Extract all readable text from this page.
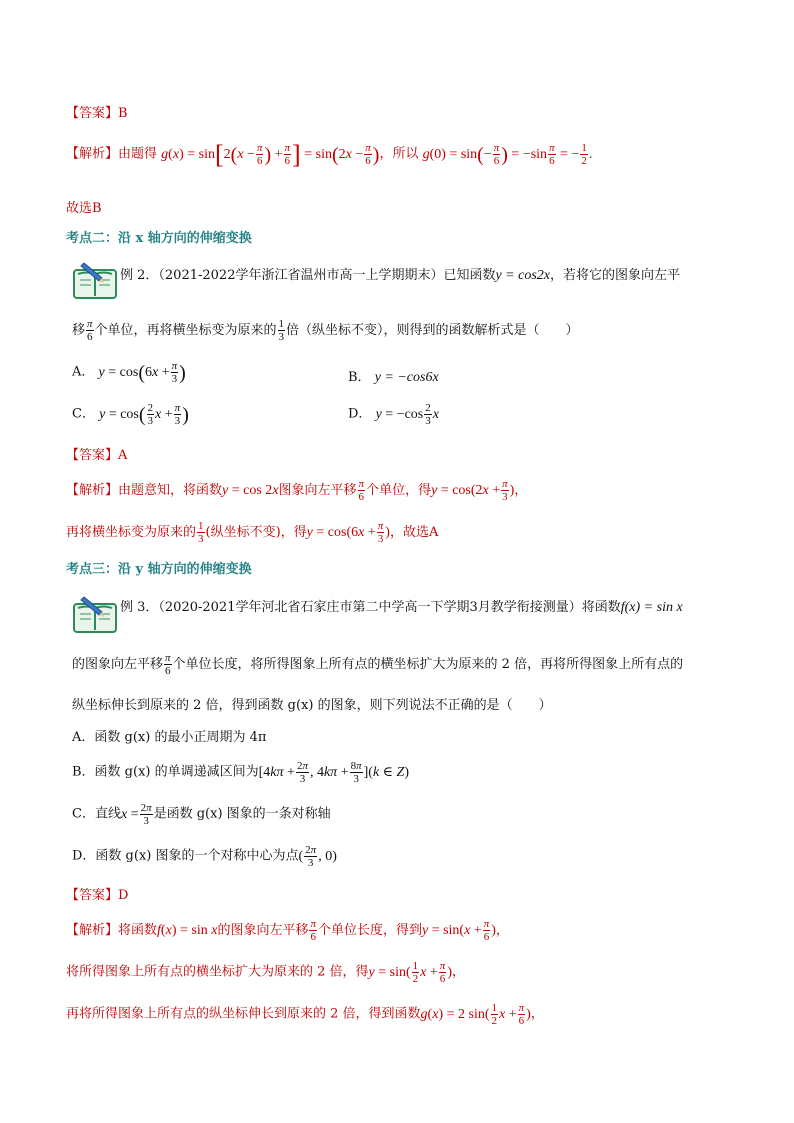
【答案】B
【解析】由题得 $g(x) = \sin[2(x - \frac{\pi}{6}$ ) + $\frac{\pi}{6}$ ] = $\sin(2x - \frac{\pi}{6}$ )，所以 $g(0) = \sin(- \frac{\pi}{6}$ ) = $-\sin \frac{\pi}{6}$ = − $\frac{1}{2}$ .
故选B
考点二：沿 x 轴方向的伸缩变换
例 2．（2021-2022学年浙江省温州市高一上学期期末）已知函数y = cos2x，若将它的图象向左平
移 $\frac{\pi}{6}$ 个单位，再将横坐标变为原来的 $\frac{1}{3}$ 倍（纵坐标不变），则得到的函数解析式是（　　）
A． $y = \cos(6x + \frac{\pi}{3}$ )	B． y = −cos6x
C． $y = \cos( \frac{2}{3}$ $x + \frac{\pi}{3}$ )	D． $y = -\cos \frac{2}{3}$ x
【答案】A
【解析】由题意知，将函数y = cos 2x图象向左平移 $\frac{\pi}{6}$ 个单位，得$y = \cos(2x + \frac{\pi}{3}$ )，
再将横坐标变为原来的 $\frac{1}{3}$ (纵坐标不变)，得$y = \cos(6x + \frac{\pi}{3}$ )，故选A
考点三：沿 y 轴方向的伸缩变换
例 3．（2020-2021学年河北省石家庄市第二中学高一下学期3月教学衔接测量）将函数f(x) = sin x
的图象向左平移 $\frac{\pi}{6}$ 个单位长度，将所得图象上所有点的横坐标扩大为原来的 2 倍，再将所得图象上所有点的
纵坐标伸长到原来的 2 倍，得到函数 g(x) 的图象，则下列说法不正确的是（　　）
A．函数 g(x) 的最小正周期为 4π
B．函数 g(x) 的单调递减区间为[$4k\pi + \frac{2\pi}{3}$ , $4k\pi + \frac{8\pi}{3} ](k$ ∈ Z)
C．直线$x = \frac{2\pi}{3}$ 是函数 g(x) 图象的一条对称轴
D．函数 g(x) 图象的一个对称中心为点( $\frac{2\pi}{3}$ , 0)
【答案】D
【解析】将函数f(x) = sin x的图象向左平移 $\frac{\pi}{6}$ 个单位长度，得到$y = \sin(x + \frac{\pi}{6}$ )，
将所得图象上所有点的横坐标扩大为原来的 2 倍，得$y = \sin( \frac{1}{2}$ $x + \frac{\pi}{6}$ )，
再将所得图象上所有点的纵坐标伸长到原来的 2 倍，得到函数g(x) = 2 $\sin( \frac{1}{2}$ $x + \frac{\pi}{6}$ )，
